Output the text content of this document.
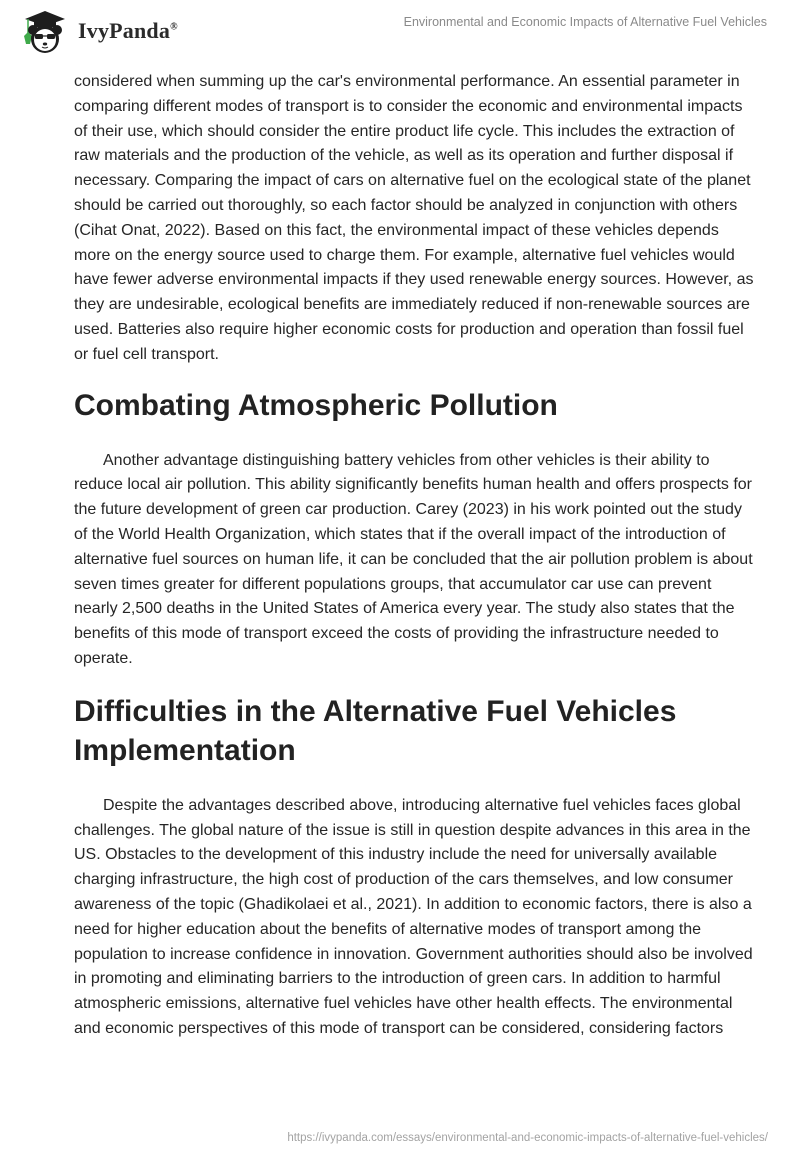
IvyPanda®	Environmental and Economic Impacts of Alternative Fuel Vehicles

considered when summing up the car's environmental performance. An essential parameter in comparing different modes of transport is to consider the economic and environmental impacts of their use, which should consider the entire product life cycle. This includes the extraction of raw materials and the production of the vehicle, as well as its operation and further disposal if necessary. Comparing the impact of cars on alternative fuel on the ecological state of the planet should be carried out thoroughly, so each factor should be analyzed in conjunction with others (Cihat Onat, 2022). Based on this fact, the environmental impact of these vehicles depends more on the energy source used to charge them. For example, alternative fuel vehicles would have fewer adverse environmental impacts if they used renewable energy sources. However, as they are undesirable, ecological benefits are immediately reduced if non-renewable sources are used. Batteries also require higher economic costs for production and operation than fossil fuel or fuel cell transport.

Combating Atmospheric Pollution

Another advantage distinguishing battery vehicles from other vehicles is their ability to reduce local air pollution. This ability significantly benefits human health and offers prospects for the future development of green car production. Carey (2023) in his work pointed out the study of the World Health Organization, which states that if the overall impact of the introduction of alternative fuel sources on human life, it can be concluded that the air pollution problem is about seven times greater for different populations groups, that accumulator car use can prevent nearly 2,500 deaths in the United States of America every year. The study also states that the benefits of this mode of transport exceed the costs of providing the infrastructure needed to operate.

Difficulties in the Alternative Fuel Vehicles Implementation

Despite the advantages described above, introducing alternative fuel vehicles faces global challenges. The global nature of the issue is still in question despite advances in this area in the US. Obstacles to the development of this industry include the need for universally available charging infrastructure, the high cost of production of the cars themselves, and low consumer awareness of the topic (Ghadikolaei et al., 2021). In addition to economic factors, there is also a need for higher education about the benefits of alternative modes of transport among the population to increase confidence in innovation. Government authorities should also be involved in promoting and eliminating barriers to the introduction of green cars. In addition to harmful atmospheric emissions, alternative fuel vehicles have other health effects. The environmental and economic perspectives of this mode of transport can be considered, considering factors

https://ivypanda.com/essays/environmental-and-economic-impacts-of-alternative-fuel-vehicles/
